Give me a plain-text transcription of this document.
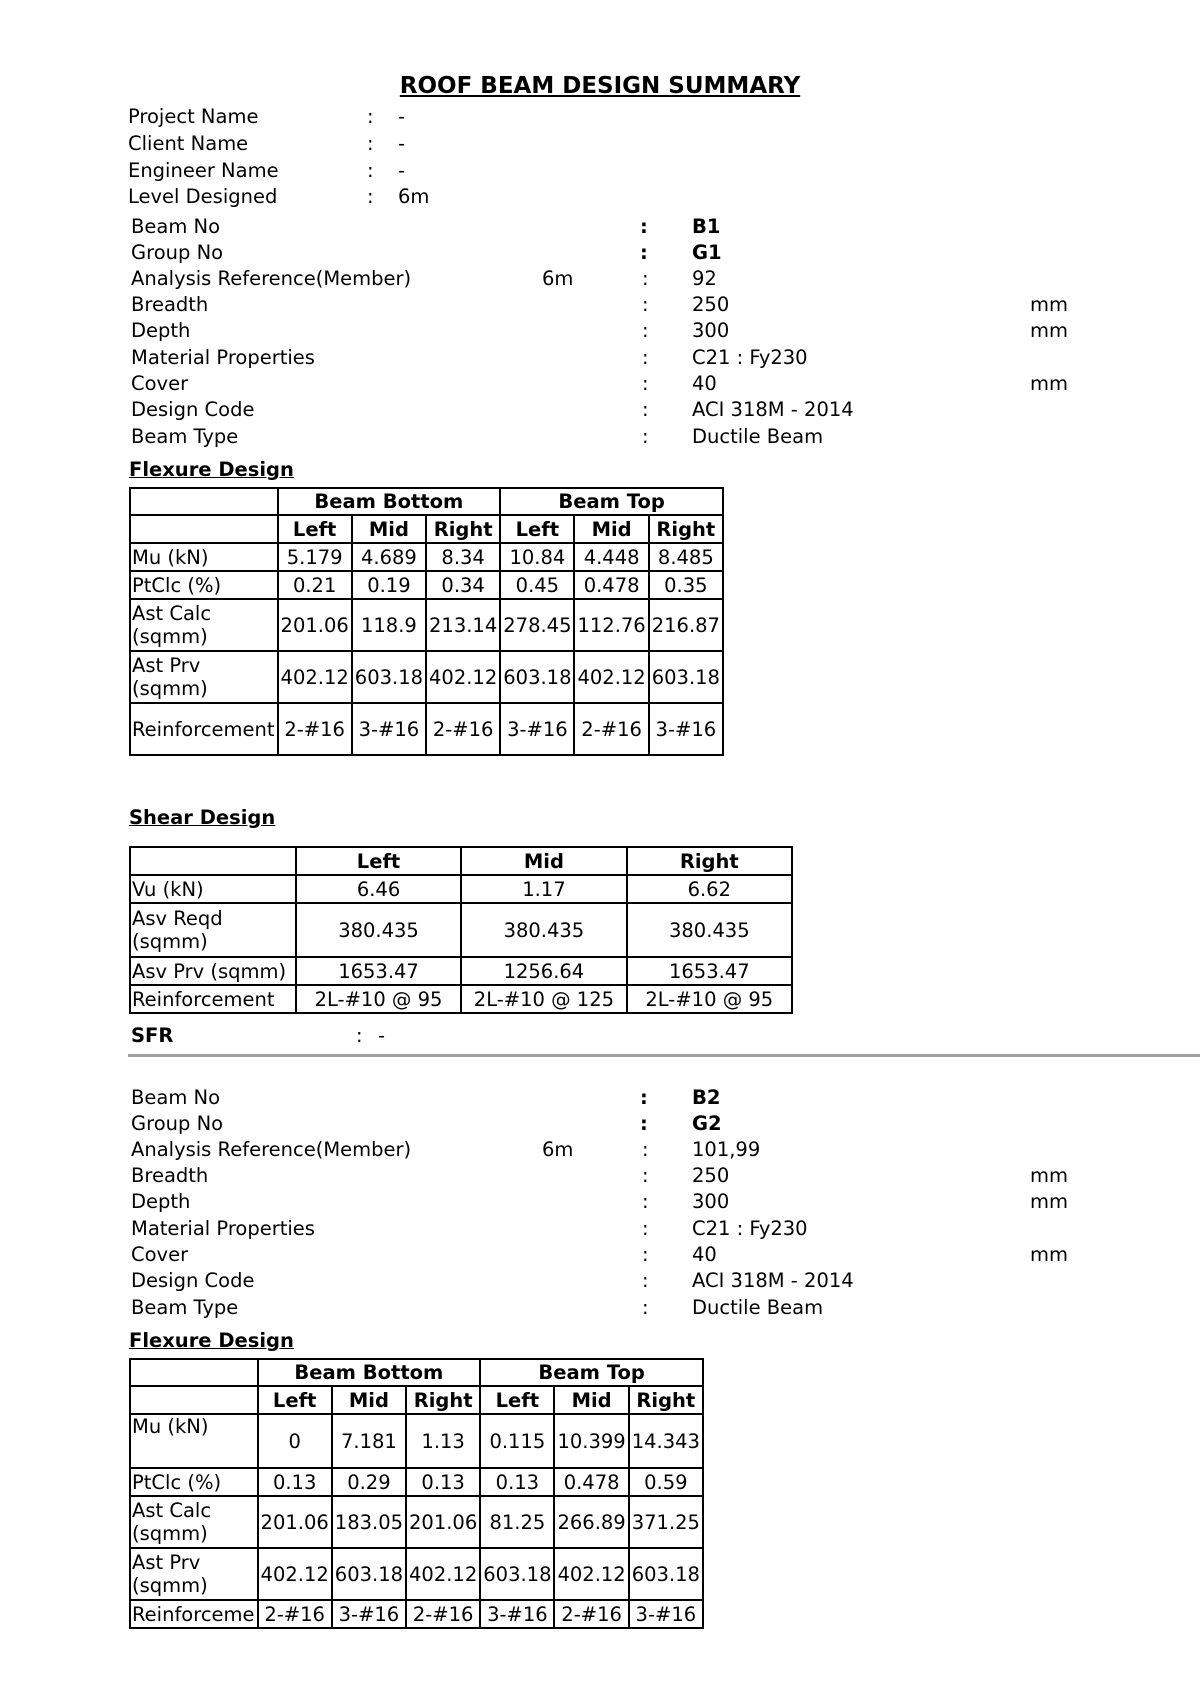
ROOF BEAM DESIGN SUMMARY
Project Name	: -
Client Name	: -
Engineer Name	: -
Level Designed	: 6m
Beam No	: B1
Group No	: G1
Analysis Reference(Member)	6m	: 92
Breadth	: 250	mm
Depth	: 300	mm
Material Properties	: C21 : Fy230
Cover	: 40	mm
Design Code	: ACI 318M - 2014
Beam Type	: Ductile Beam
Flexure Design
	Beam Bottom			Beam Top		
	Left	Mid	Right	Left	Mid	Right
Mu (kN)	5.179	4.689	8.34	10.84	4.448	8.485
PtClc (%)	0.21	0.19	0.34	0.45	0.478	0.35
Ast Calc (sqmm)	201.06	118.9	213.14	278.45	112.76	216.87
Ast Prv (sqmm)	402.12	603.18	402.12	603.18	402.12	603.18
Reinforcement	2-#16	3-#16	2-#16	3-#16	2-#16	3-#16
Shear Design
	Left	Mid	Right
Vu (kN)	6.46	1.17	6.62
Asv Reqd (sqmm)	380.435	380.435	380.435
Asv Prv (sqmm)	1653.47	1256.64	1653.47
Reinforcement	2L-#10 @ 95	2L-#10 @ 125	2L-#10 @ 95
SFR	: -
Beam No	: B2
Group No	: G2
Analysis Reference(Member)	6m	: 101,99
Breadth	: 250	mm
Depth	: 300	mm
Material Properties	: C21 : Fy230
Cover	: 40	mm
Design Code	: ACI 318M - 2014
Beam Type	: Ductile Beam
Flexure Design
	Beam Bottom			Beam Top		
	Left	Mid	Right	Left	Mid	Right
Mu (kN)	0	7.181	1.13	0.115	10.399	14.343
PtClc (%)	0.13	0.29	0.13	0.13	0.478	0.59
Ast Calc (sqmm)	201.06	183.05	201.06	81.25	266.89	371.25
Ast Prv (sqmm)	402.12	603.18	402.12	603.18	402.12	603.18
Reinforceme	2-#16	3-#16	2-#16	3-#16	2-#16	3-#16
